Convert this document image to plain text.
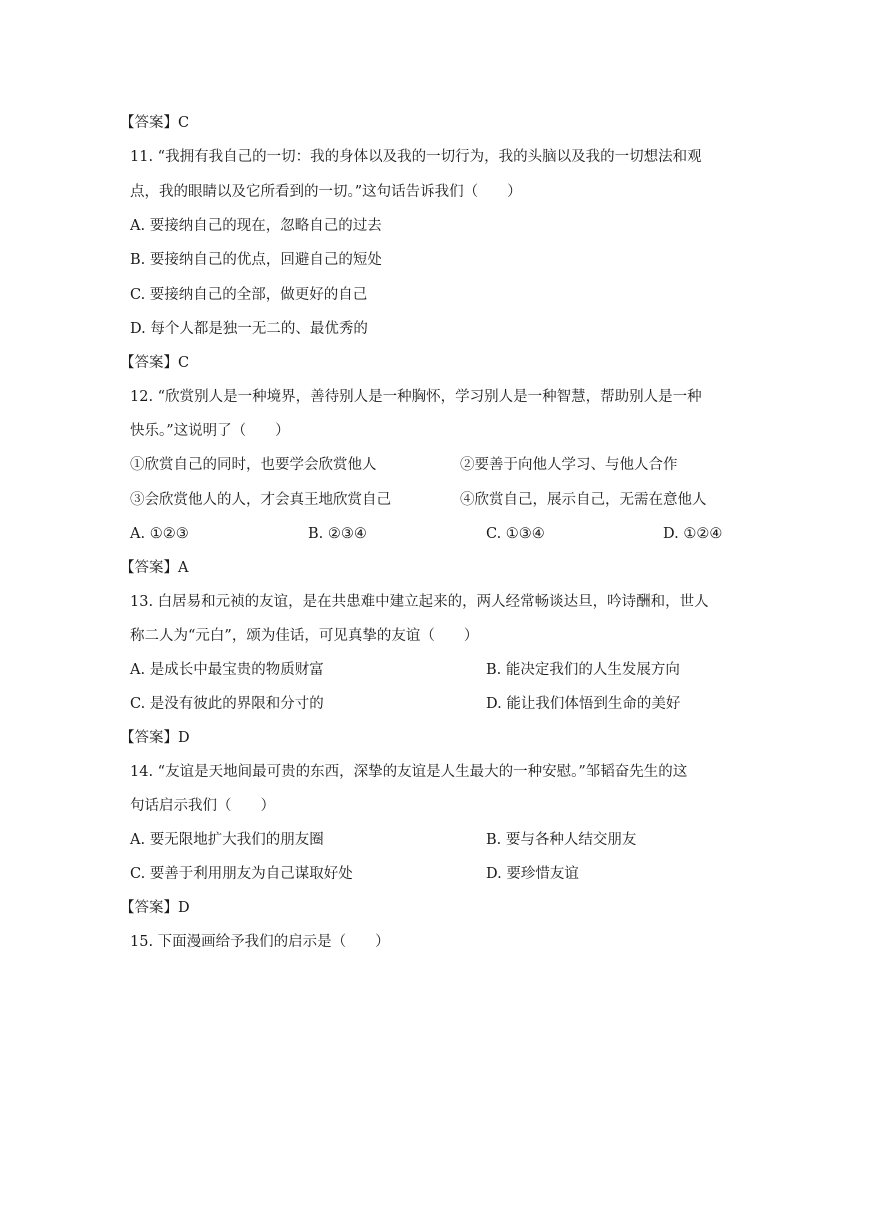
【答案】C
11. “我拥有我自己的一切：我的身体以及我的一切行为，我的头脑以及我的一切想法和观
点，我的眼睛以及它所看到的一切。”这句话告诉我们（　　）
A. 要接纳自己的现在，忽略自己的过去
B. 要接纳自己的优点，回避自己的短处
C. 要接纳自己的全部，做更好的自己
D. 每个人都是独一无二的、最优秀的
【答案】C
12. “欣赏别人是一种境界，善待别人是一种胸怀，学习别人是一种智慧，帮助别人是一种
快乐。”这说明了（　　）
①欣赏自己的同时，也要学会欣赏他人	②要善于向他人学习、与他人合作
③会欣赏他人的人，才会真王地欣赏自己	④欣赏自己，展示自己，无需在意他人
A. ①②③	B. ②③④	C. ①③④	D. ①②④
【答案】A
13. 白居易和元祯的友谊，是在共患难中建立起来的，两人经常畅谈达旦，吟诗酬和，世人
称二人为“元白”，颂为佳话，可见真挚的友谊（　　）
A. 是成长中最宝贵的物质财富	B. 能决定我们的人生发展方向
C. 是没有彼此的界限和分寸的	D. 能让我们体悟到生命的美好
【答案】D
14. “友谊是天地间最可贵的东西，深挚的友谊是人生最大的一种安慰。”邹韬奋先生的这
句话启示我们（　　）
A. 要无限地扩大我们的朋友圈	B. 要与各种人结交朋友
C. 要善于利用朋友为自己谋取好处	D. 要珍惜友谊
【答案】D
15. 下面漫画给予我们的启示是（　　）
